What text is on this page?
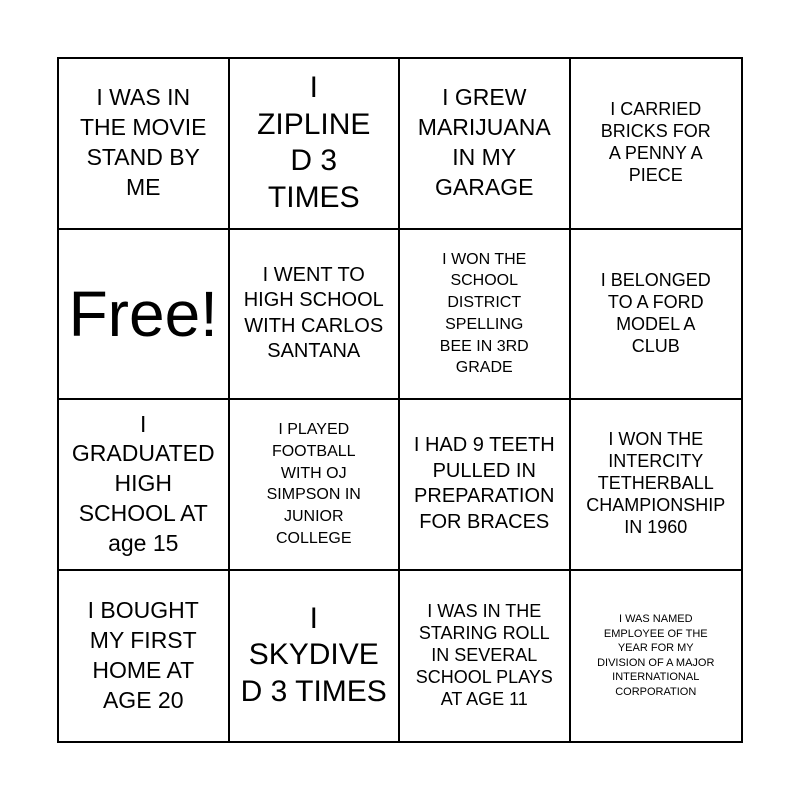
I WAS IN THE MOVIE STAND BY ME
I ZIPLINED 3 TIMES
I GREW MARIJUANA IN MY GARAGE
I CARRIED BRICKS FOR A PENNY A PIECE
Free!
I WENT TO HIGH SCHOOL WITH CARLOS SANTANA
I WON THE SCHOOL DISTRICT SPELLING BEE IN 3RD GRADE
I BELONGED TO A FORD MODEL A CLUB
I GRADUATED HIGH SCHOOL AT age 15
I PLAYED FOOTBALL WITH OJ SIMPSON IN JUNIOR COLLEGE
I HAD 9 TEETH PULLED IN PREPARATION FOR BRACES
I WON THE INTERCITY TETHERBALL CHAMPIONSHIP IN 1960
I BOUGHT MY FIRST HOME AT AGE 20
I SKYDIVED 3 TIMES
I WAS IN THE STARING ROLL IN SEVERAL SCHOOL PLAYS AT AGE 11
I WAS NAMED EMPLOYEE OF THE YEAR FOR MY DIVISION OF A MAJOR INTERNATIONAL CORPORATION
